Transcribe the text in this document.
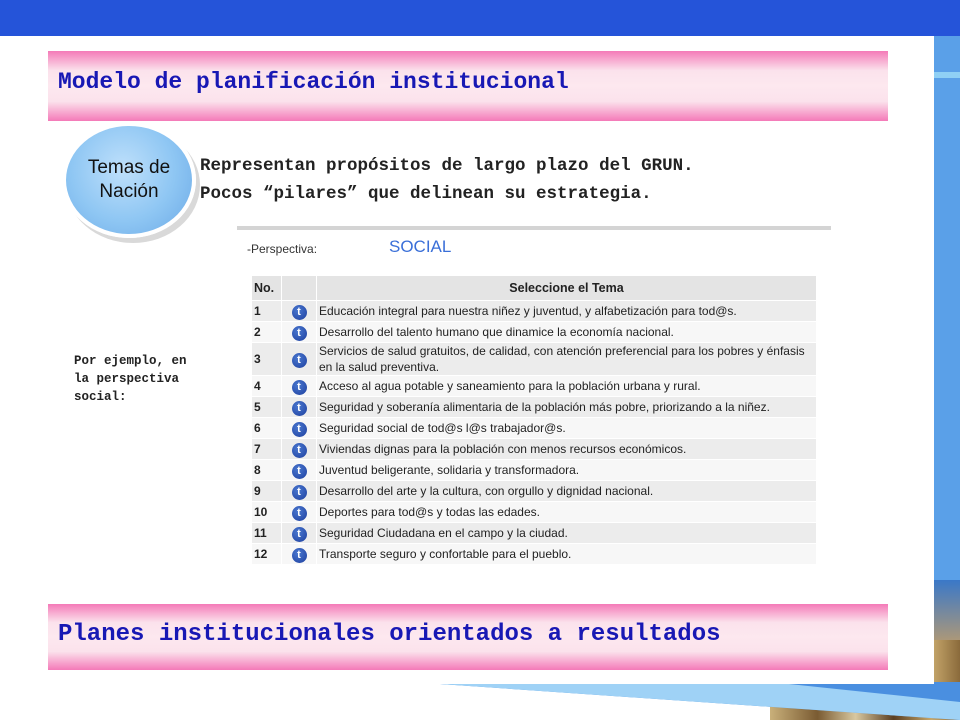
Modelo de planificación institucional
Temas de
Nación

Representan propósitos de largo plazo del GRUN.
Pocos “pilares” que delinean su estrategia.

Por ejemplo, en
la perspectiva
social:

-Perspectiva:	SOCIAL
No.		Seleccione el Tema
1	t	Educación integral para nuestra niñez y juventud, y alfabetización para tod@s.
2	t	Desarrollo del talento humano que dinamice la economía nacional.
3	t	Servicios de salud gratuitos, de calidad, con atención preferencial para los pobres y énfasis en la salud preventiva.
4	t	Acceso al agua potable y saneamiento para la población urbana y rural.
5	t	Seguridad y soberanía alimentaria de la población más pobre, priorizando a la niñez.
6	t	Seguridad social de tod@s l@s trabajador@s.
7	t	Viviendas dignas para la población con menos recursos económicos.
8	t	Juventud beligerante, solidaria y transformadora.
9	t	Desarrollo del arte y la cultura, con orgullo y dignidad nacional.
10	t	Deportes para tod@s y todas las edades.
11	t	Seguridad Ciudadana en el campo y la ciudad.
12	t	Transporte seguro y confortable para el pueblo.
Planes institucionales orientados a resultados
